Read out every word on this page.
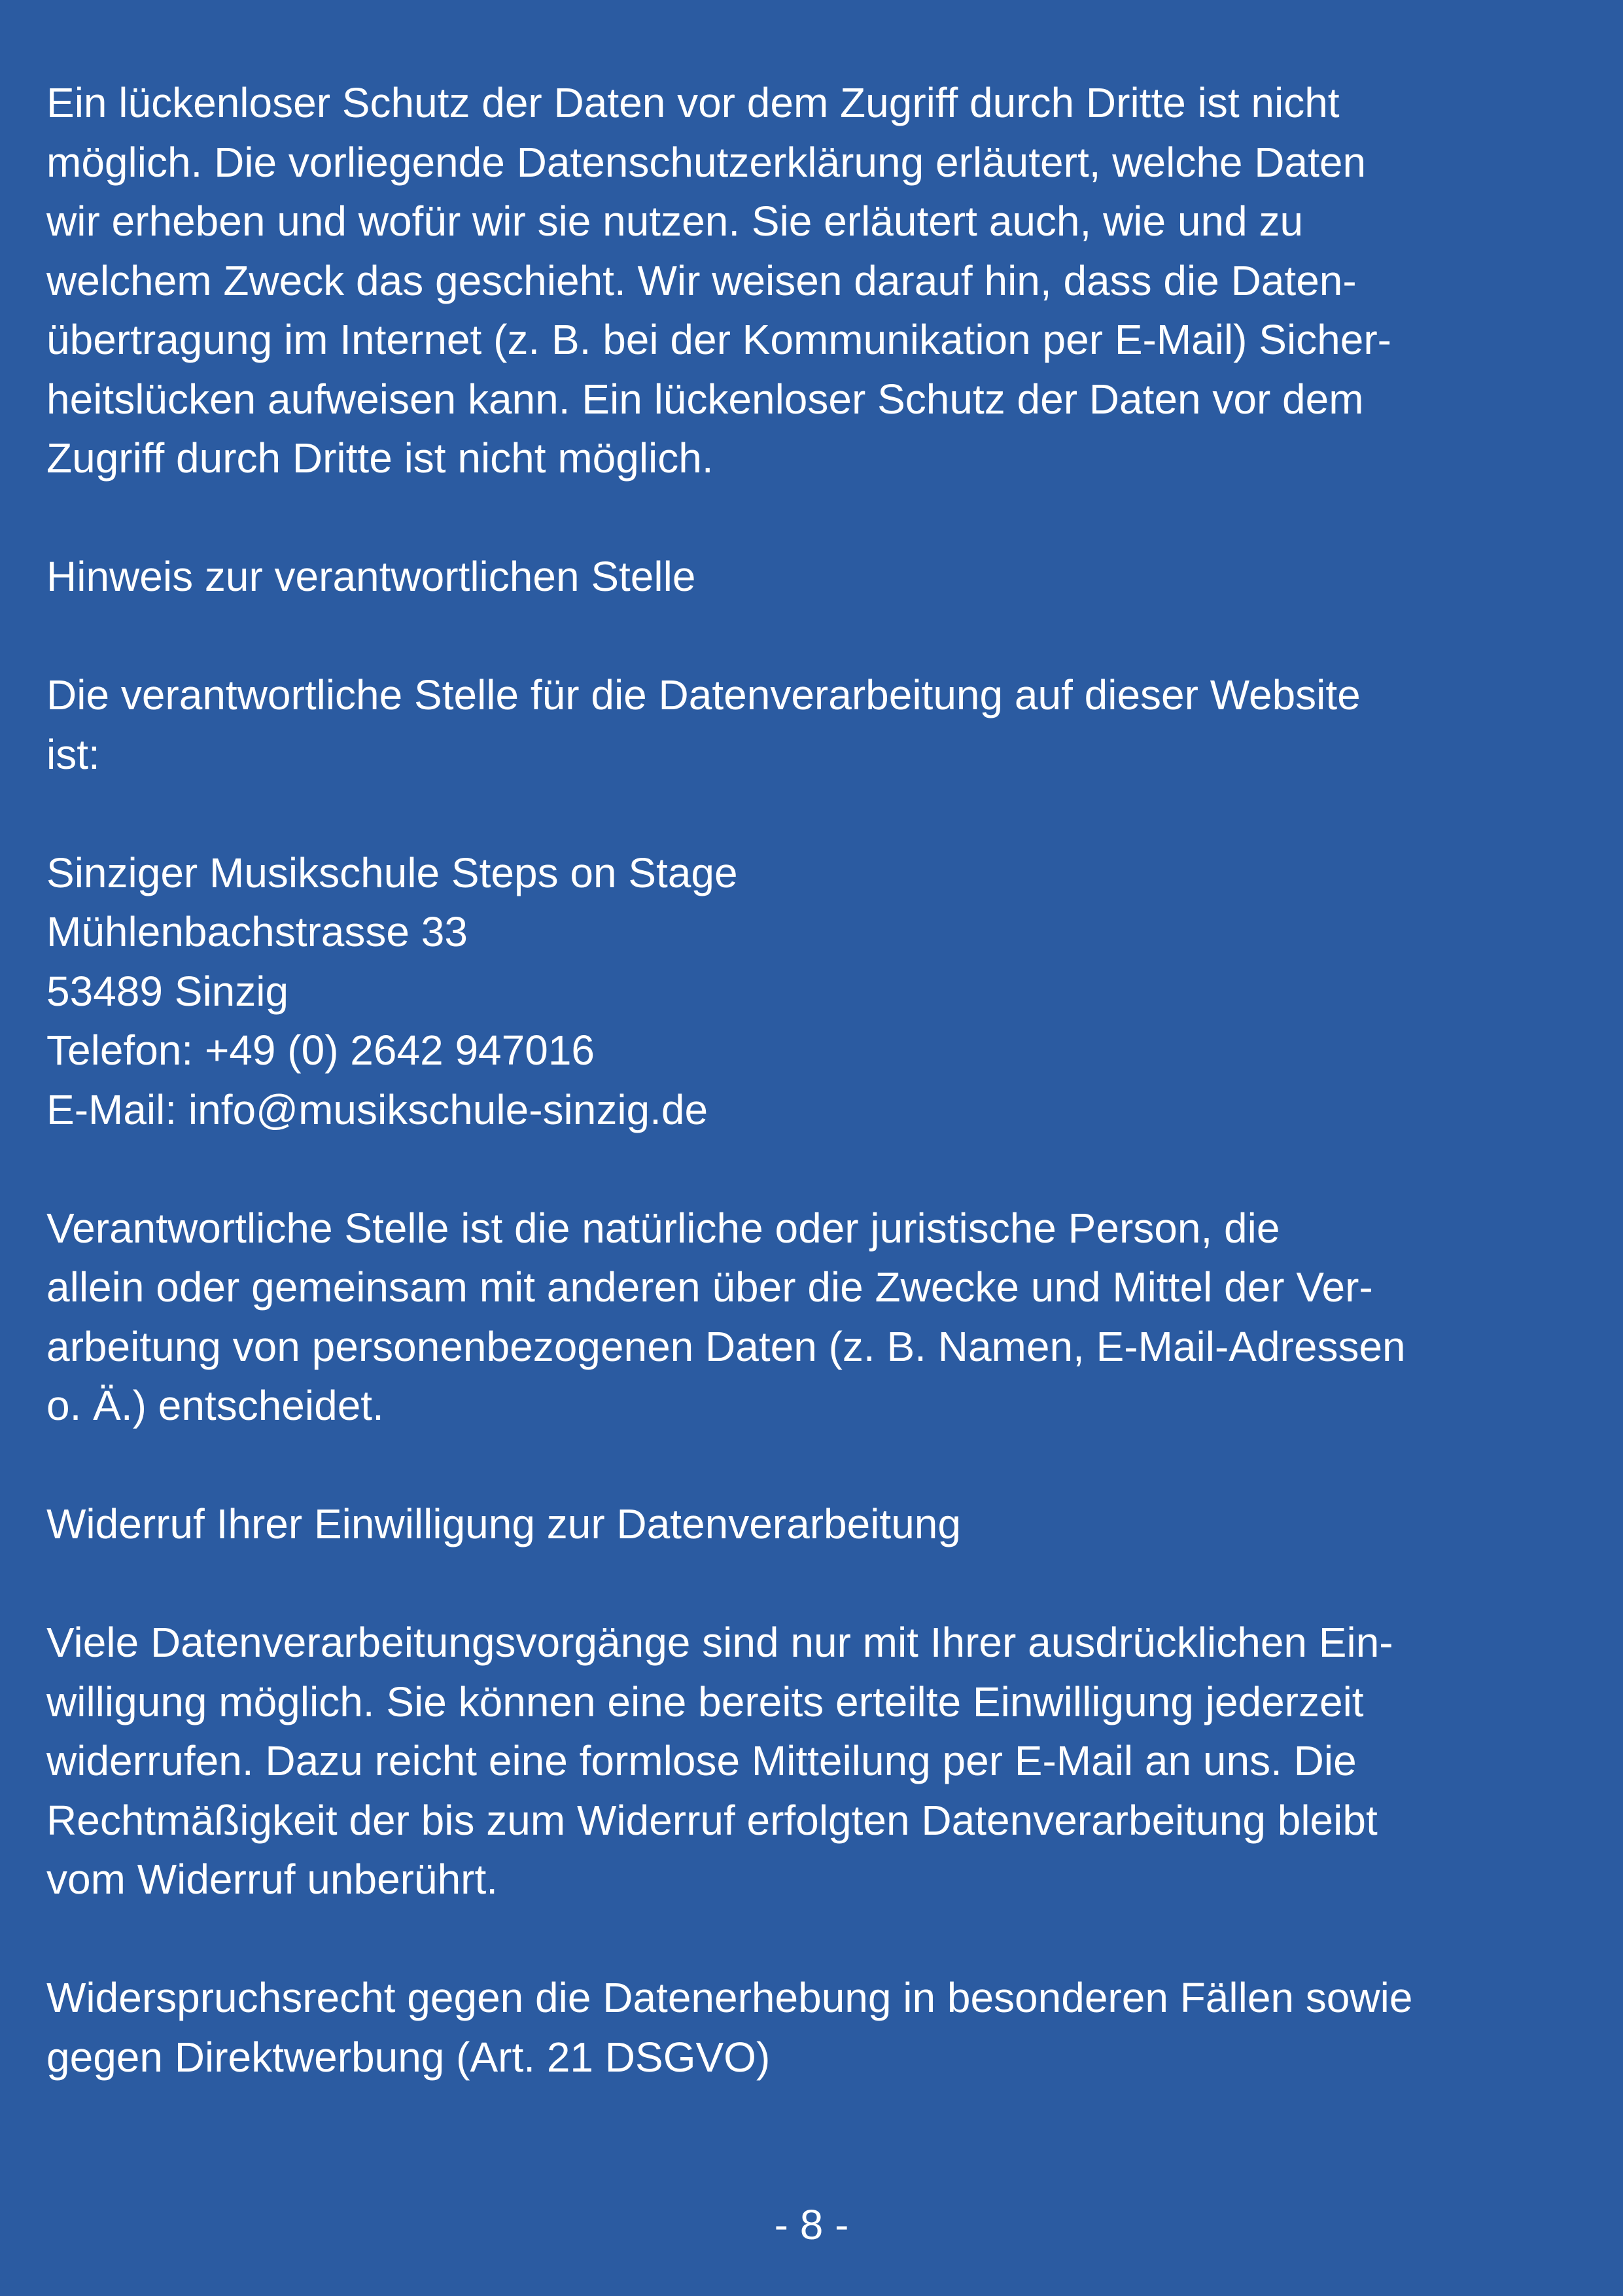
Ein lückenloser Schutz der Daten vor dem Zugriff durch Dritte ist nicht
möglich. Die vorliegende Datenschutzerklärung erläutert, welche Daten
wir erheben und wofür wir sie nutzen. Sie erläutert auch, wie und zu
welchem Zweck das geschieht. Wir weisen darauf hin, dass die Daten-
übertragung im Internet (z. B. bei der Kommunikation per E-Mail) Sicher-
heitslücken aufweisen kann. Ein lückenloser Schutz der Daten vor dem
Zugriff durch Dritte ist nicht möglich.
Hinweis zur verantwortlichen Stelle
Die verantwortliche Stelle für die Datenverarbeitung auf dieser Website
ist:
Sinziger Musikschule Steps on Stage
Mühlenbachstrasse 33
53489 Sinzig
Telefon: +49 (0) 2642 947016
E-Mail: info@musikschule-sinzig.de
Verantwortliche Stelle ist die natürliche oder juristische Person, die
allein oder gemeinsam mit anderen über die Zwecke und Mittel der Ver-
arbeitung von personenbezogenen Daten (z. B. Namen, E-Mail-Adressen
o. Ä.) entscheidet.
Widerruf Ihrer Einwilligung zur Datenverarbeitung
Viele Datenverarbeitungsvorgänge sind nur mit Ihrer ausdrücklichen Ein-
willigung möglich. Sie können eine bereits erteilte Einwilligung jederzeit
widerrufen. Dazu reicht eine formlose Mitteilung per E-Mail an uns. Die
Rechtmäßigkeit der bis zum Widerruf erfolgten Datenverarbeitung bleibt
vom Widerruf unberührt.
Widerspruchsrecht gegen die Datenerhebung in besonderen Fällen sowie
gegen Direktwerbung (Art. 21 DSGVO)
- 8 -
